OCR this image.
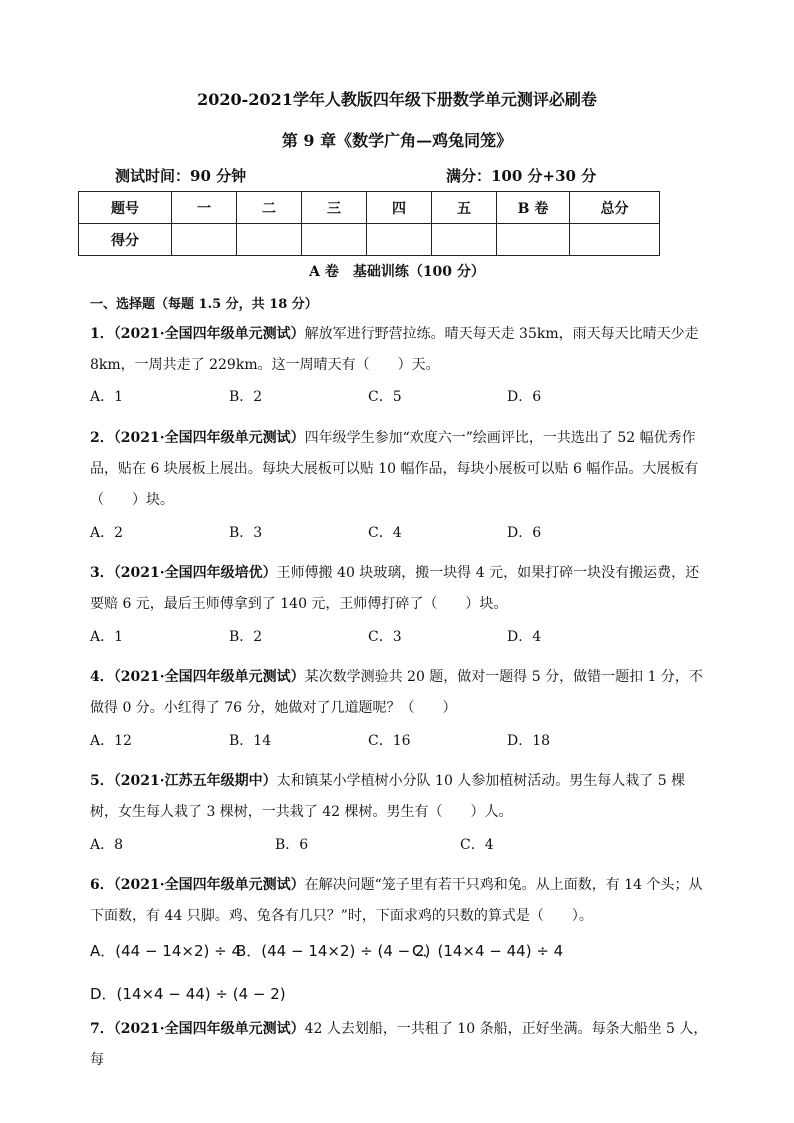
2020-2021学年人教版四年级下册数学单元测评必刷卷
第 9 章《数学广角—鸡兔同笼》
测试时间：90 分钟	满分：100 分+30 分
题号	一	二	三	四	五	B 卷	总分
得分							
A 卷　基础训练（100 分）
一、选择题（每题 1.5 分，共 18 分）
1．（2021·全国四年级单元测试）解放军进行野营拉练。晴天每天走 35km，雨天每天比晴天少走 8km，一周共走了 229km。这一周晴天有（　　）天。
A．1	B．2	C．5	D．6
2．（2021·全国四年级单元测试）四年级学生参加“欢度六一”绘画评比，一共选出了 52 幅优秀作品，贴在 6 块展板上展出。每块大展板可以贴 10 幅作品，每块小展板可以贴 6 幅作品。大展板有（　　）块。
A．2	B．3	C．4	D．6
3．（2021·全国四年级培优）王师傅搬 40 块玻璃，搬一块得 4 元，如果打碎一块没有搬运费，还要赔 6 元，最后王师傅拿到了 140 元，王师傅打碎了（　　）块。
A．1	B．2	C．3	D．4
4．（2021·全国四年级单元测试）某次数学测验共 20 题，做对一题得 5 分，做错一题扣 1 分，不做得 0 分。小红得了 76 分，她做对了几道题呢？（　　）
A．12	B．14	C．16	D．18
5．（2021·江苏五年级期中）太和镇某小学植树小分队 10 人参加植树活动。男生每人栽了 5 棵树，女生每人栽了 3 棵树，一共栽了 42 棵树。男生有（　　）人。
A．8	B．6	C．4
6．（2021·全国四年级单元测试）在解决问题“笼子里有若干只鸡和兔。从上面数，有 14 个头；从下面数，有 44 只脚。鸡、兔各有几只？”时，下面求鸡的只数的算式是（　　）。
A．(44 − 14×2) ÷ 4
B．(44 − 14×2) ÷ (4 − 2)
C．(14×4 − 44) ÷ 4
D．(14×4 − 44) ÷ (4 − 2)
7．（2021·全国四年级单元测试）42 人去划船，一共租了 10 条船，正好坐满。每条大船坐 5 人，每
